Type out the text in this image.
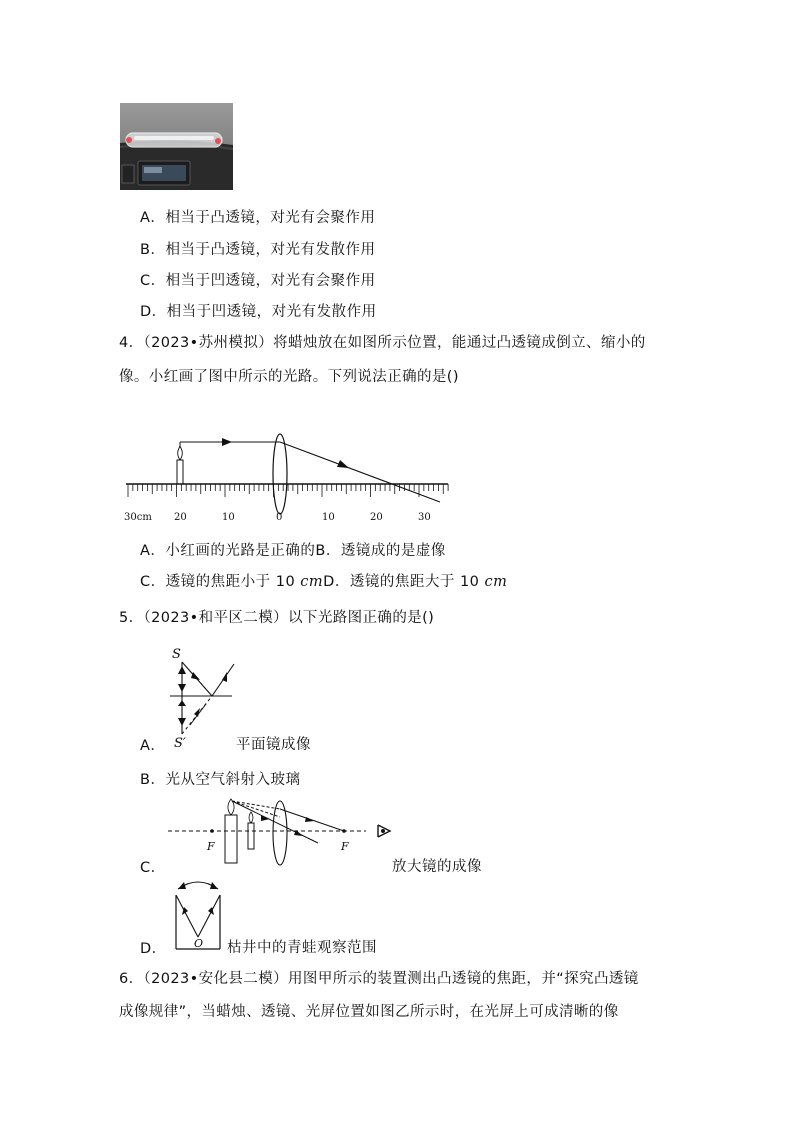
A．相当于凸透镜，对光有会聚作用
B．相当于凸透镜，对光有发散作用
C．相当于凹透镜，对光有会聚作用
D．相当于凹透镜，对光有发散作用
4．（2023•苏州模拟）将蜡烛放在如图所示位置，能通过凸透镜成倒立、缩小的
像。小红画了图中所示的光路。下列说法正确的是()
30cm 20	10	0	10	20	30
A．小红画的光路是正确的B．透镜成的是虚像
C．透镜的焦距小于 10 cmD．透镜的焦距大于 10 cm
5．（2023•和平区二模）以下光路图正确的是()
S
S′
A．	平面镜成像
B．光从空气斜射入玻璃
F	F
C．	放大镜的成像
O
D．	枯井中的青蛙观察范围
6．（2023•安化县二模）用图甲所示的装置测出凸透镜的焦距，并“探究凸透镜
成像规律”，当蜡烛、透镜、光屏位置如图乙所示时，在光屏上可成清晰的像
